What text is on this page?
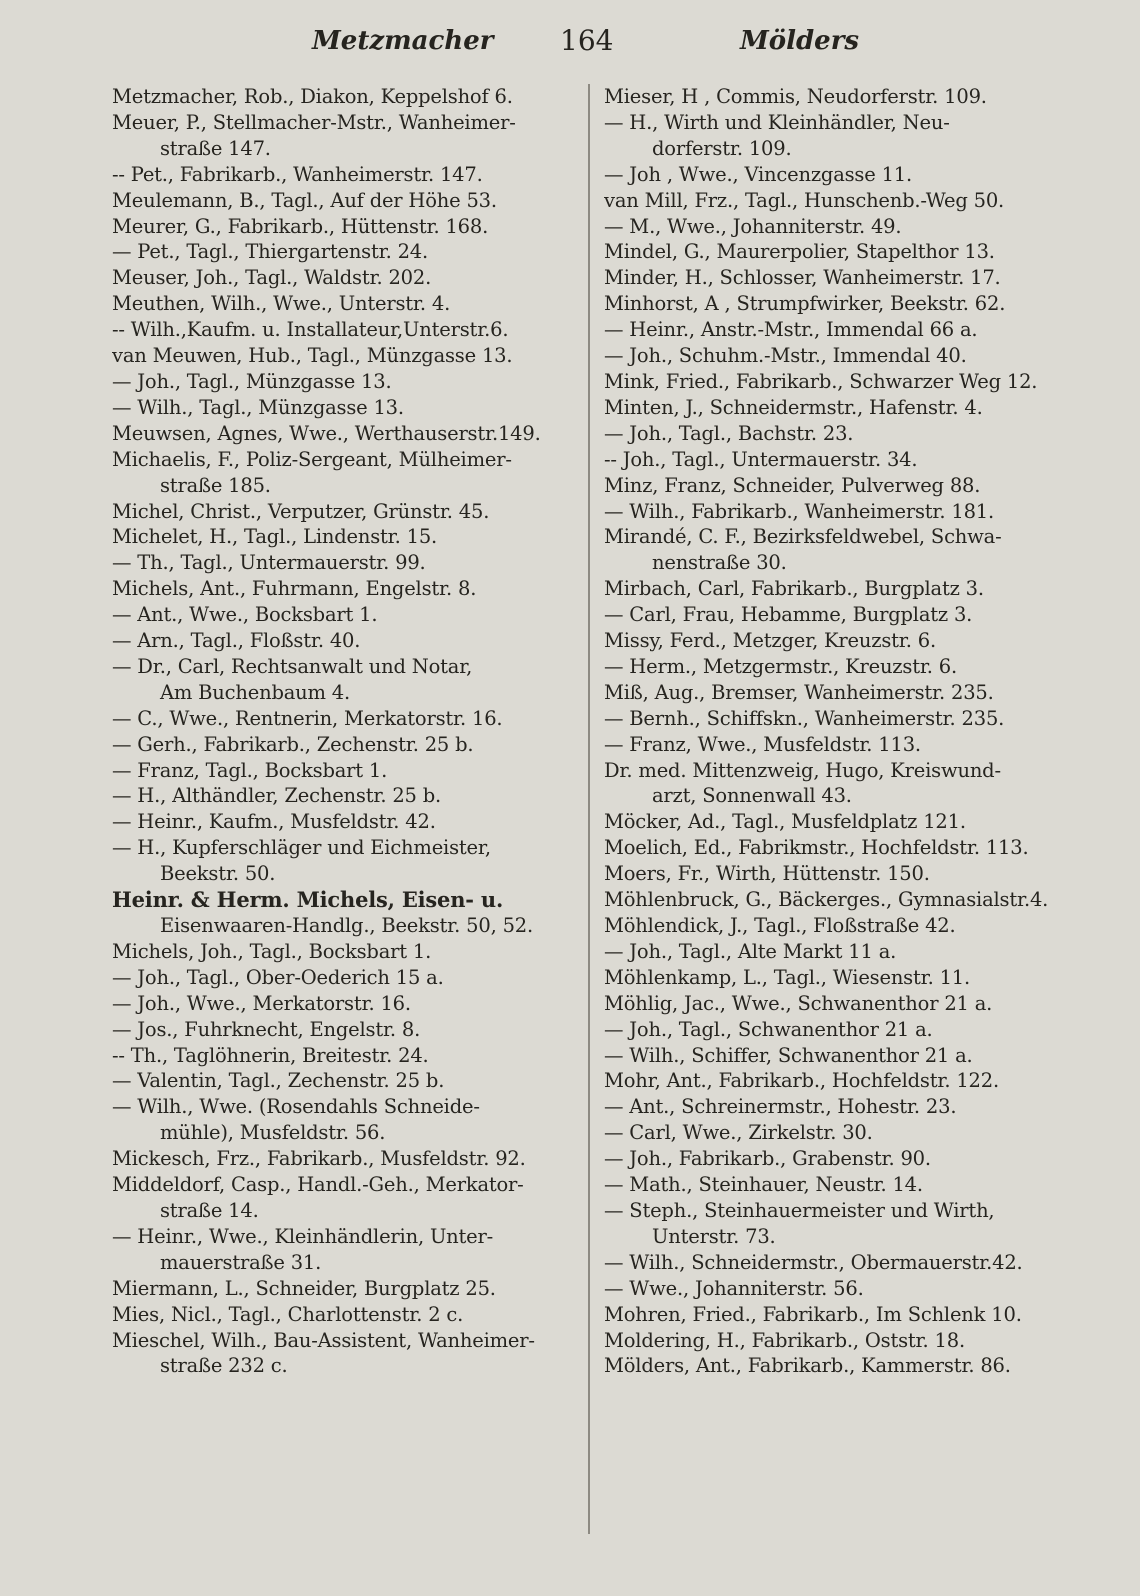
Metzmacher 164	Mölders
Metzmacher, Rob., Diakon, Keppelshof 6.
Meuer, P., Stellmacher-Mstr., Wanheimer-
straße 147.
-- Pet., Fabrikarb., Wanheimerstr. 147.
Meulemann, B., Tagl., Auf der Höhe 53.
Meurer, G., Fabrikarb., Hüttenstr. 168.
— Pet., Tagl., Thiergartenstr. 24.
Meuser, Joh., Tagl., Waldstr. 202.
Meuthen, Wilh., Wwe., Unterstr. 4.
-- Wilh.,Kaufm. u. Installateur,Unterstr.6.
van Meuwen, Hub., Tagl., Münzgasse 13.
— Joh., Tagl., Münzgasse 13.
— Wilh., Tagl., Münzgasse 13.
Meuwsen, Agnes, Wwe., Werthauserstr.149.
Michaelis, F., Poliz-Sergeant, Mülheimer-
straße 185.
Michel, Christ., Verputzer, Grünstr. 45.
Michelet, H., Tagl., Lindenstr. 15.
— Th., Tagl., Untermauerstr. 99.
Michels, Ant., Fuhrmann, Engelstr. 8.
— Ant., Wwe., Bocksbart 1.
— Arn., Tagl., Floßstr. 40.
— Dr., Carl, Rechtsanwalt und Notar,
Am Buchenbaum 4.
— C., Wwe., Rentnerin, Merkatorstr. 16.
— Gerh., Fabrikarb., Zechenstr. 25 b.
— Franz, Tagl., Bocksbart 1.
— H., Althändler, Zechenstr. 25 b.
— Heinr., Kaufm., Musfeldstr. 42.
— H., Kupferschläger und Eichmeister,
Beekstr. 50.
Heinr. & Herm. Michels, Eisen- u.
Eisenwaaren-Handlg., Beekstr. 50, 52.
Michels, Joh., Tagl., Bocksbart 1.
— Joh., Tagl., Ober-Oederich 15 a.
— Joh., Wwe., Merkatorstr. 16.
— Jos., Fuhrknecht, Engelstr. 8.
-- Th., Taglöhnerin, Breitestr. 24.
— Valentin, Tagl., Zechenstr. 25 b.
— Wilh., Wwe. (Rosendahls Schneide-
mühle), Musfeldstr. 56.
Mickesch, Frz., Fabrikarb., Musfeldstr. 92.
Middeldorf, Casp., Handl.-Geh., Merkator-
straße 14.
— Heinr., Wwe., Kleinhändlerin, Unter-
mauerstraße 31.
Miermann, L., Schneider, Burgplatz 25.
Mies, Nicl., Tagl., Charlottenstr. 2 c.
Mieschel, Wilh., Bau-Assistent, Wanheimer-
straße 232 c.
Mieser, H , Commis, Neudorferstr. 109.
— H., Wirth und Kleinhändler, Neu-
dorferstr. 109.
— Joh , Wwe., Vincenzgasse 11.
van Mill, Frz., Tagl., Hunschenb.-Weg 50.
— M., Wwe., Johanniterstr. 49.
Mindel, G., Maurerpolier, Stapelthor 13.
Minder, H., Schlosser, Wanheimerstr. 17.
Minhorst, A , Strumpfwirker, Beekstr. 62.
— Heinr., Anstr.-Mstr., Immendal 66 a.
— Joh., Schuhm.-Mstr., Immendal 40.
Mink, Fried., Fabrikarb., Schwarzer Weg 12.
Minten, J., Schneidermstr., Hafenstr. 4.
— Joh., Tagl., Bachstr. 23.
-- Joh., Tagl., Untermauerstr. 34.
Minz, Franz, Schneider, Pulverweg 88.
— Wilh., Fabrikarb., Wanheimerstr. 181.
Mirandé, C. F., Bezirksfeldwebel, Schwa-
nenstraße 30.
Mirbach, Carl, Fabrikarb., Burgplatz 3.
— Carl, Frau, Hebamme, Burgplatz 3.
Missy, Ferd., Metzger, Kreuzstr. 6.
— Herm., Metzgermstr., Kreuzstr. 6.
Miß, Aug., Bremser, Wanheimerstr. 235.
— Bernh., Schiffskn., Wanheimerstr. 235.
— Franz, Wwe., Musfeldstr. 113.
Dr. med. Mittenzweig, Hugo, Kreiswund-
arzt, Sonnenwall 43.
Möcker, Ad., Tagl., Musfeldplatz 121.
Moelich, Ed., Fabrikmstr., Hochfeldstr. 113.
Moers, Fr., Wirth, Hüttenstr. 150.
Möhlenbruck, G., Bäckerges., Gymnasialstr.4.
Möhlendick, J., Tagl., Floßstraße 42.
— Joh., Tagl., Alte Markt 11 a.
Möhlenkamp, L., Tagl., Wiesenstr. 11.
Möhlig, Jac., Wwe., Schwanenthor 21 a.
— Joh., Tagl., Schwanenthor 21 a.
— Wilh., Schiffer, Schwanenthor 21 a.
Mohr, Ant., Fabrikarb., Hochfeldstr. 122.
— Ant., Schreinermstr., Hohestr. 23.
— Carl, Wwe., Zirkelstr. 30.
— Joh., Fabrikarb., Grabenstr. 90.
— Math., Steinhauer, Neustr. 14.
— Steph., Steinhauermeister und Wirth,
Unterstr. 73.
— Wilh., Schneidermstr., Obermauerstr.42.
— Wwe., Johanniterstr. 56.
Mohren, Fried., Fabrikarb., Im Schlenk 10.
Moldering, H., Fabrikarb., Oststr. 18.
Mölders, Ant., Fabrikarb., Kammerstr. 86.
